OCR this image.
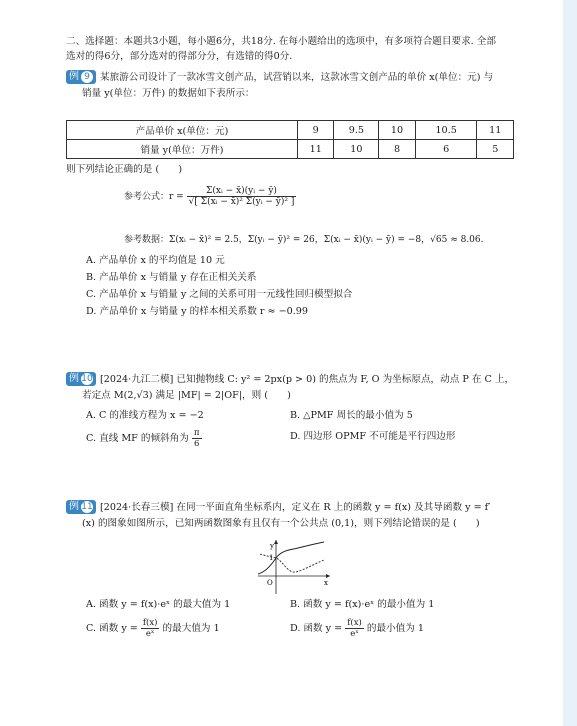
二、选择题：本题共3小题，每小题6分，共18分. 在每小题给出的选项中，有多项符合题目要求. 全部
选对的得6分，部分选对的得部分分，有选错的得0分.
例 9 某旅游公司设计了一款冰雪文创产品，试营销以来，这款冰雪文创产品的单价 x(单位：元) 与
销量 y(单位：万件) 的数据如下表所示：
产品单价 x(单位：元)	9	9.5	10	10.5	11
销量 y(单位：万件)	11	10	8	6	5
则下列结论正确的是 (　　)
参考公式：$r = \frac{\text{Σ(xᵢ − x̄)(yᵢ − ȳ)}}{\text{√[ Σ(xᵢ − x̄)² Σ(yᵢ − ȳ)² ]}}$
参考数据：Σ(xᵢ − x̄)² = 2.5，Σ(yᵢ − ȳ)² = 26，Σ(xᵢ − x̄)(yᵢ − ȳ) = −8，√65 ≈ 8.06.
A. 产品单价 x 的平均值是 10 元
B. 产品单价 x 与销量 y 存在正相关关系
C. 产品单价 x 与销量 y 之间的关系可用一元线性回归模型拟合
D. 产品单价 x 与销量 y 的样本相关系数 r ≈ −0.99
例 10 [2024·九江二模] 已知抛物线 C: y² = 2px(p > 0) 的焦点为 F, O 为坐标原点，动点 P 在 C 上，
若定点 M(2,√3) 满足 |MF| = 2|OF|，则 (　　)
A. C 的准线方程为 x = −2	B. △PMF 周长的最小值为 5
C. 直线 MF 的倾斜角为 $\frac{\pi}{6}$	D. 四边形 OPMF 不可能是平行四边形
例 11 [2024·长春三模] 在同一平面直角坐标系内，定义在 R 上的函数 y = f(x) 及其导函数 y = f′
(x) 的图象如图所示，已知两函数图象有且仅有一个公共点 (0,1)，则下列结论错误的是 (　　)
y
x
O
1
A. 函数 y = f(x)·eˣ 的最大值为 1	B. 函数 y = f(x)·eˣ 的最小值为 1
C. 函数 $y = \frac{f(x)}{\text{eˣ}}$ 的最大值为 1	D. 函数 $y = \frac{f(x)}{\text{eˣ}}$ 的最小值为 1
